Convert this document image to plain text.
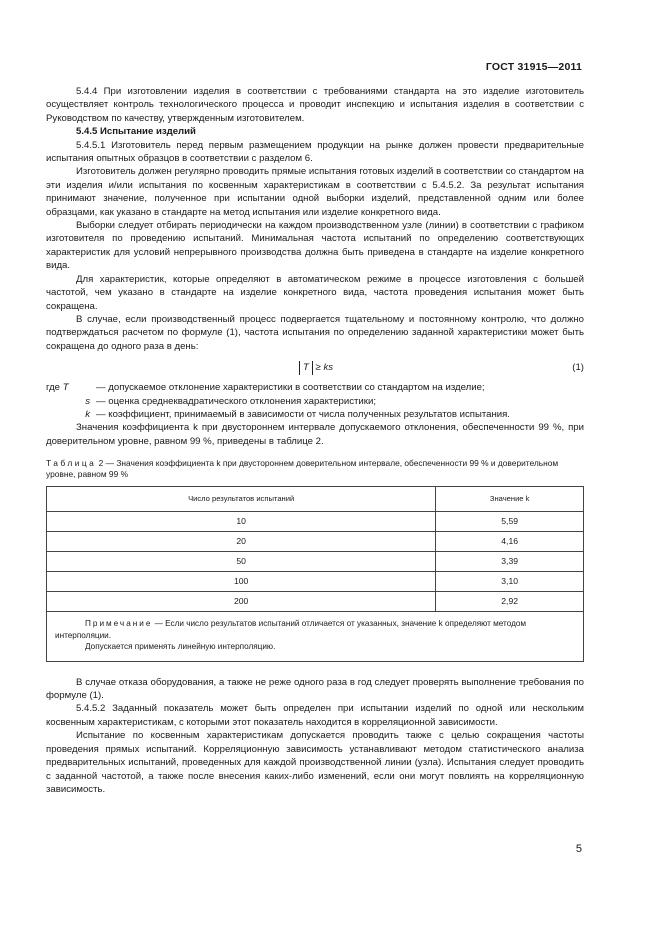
ГОСТ 31915—2011

5.4.4 При изготовлении изделия в соответствии с требованиями стандарта на это изделие изготовитель осуществляет контроль технологического процесса и проводит инспекцию и испытания изделия в соответствии с Руководством по качеству, утвержденным изготовителем.

5.4.5 Испытание изделий

5.4.5.1 Изготовитель перед первым размещением продукции на рынке должен провести предварительные испытания опытных образцов в соответствии с разделом 6.

Изготовитель должен регулярно проводить прямые испытания готовых изделий в соответствии со стандартом на эти изделия и/или испытания по косвенным характеристикам в соответствии с 5.4.5.2. За результат испытания принимают значение, полученное при испытании одной выборки изделий, представленной одним или более образцами, как указано в стандарте на метод испытания или изделие конкретного вида.

Выборки следует отбирать периодически на каждом производственном узле (линии) в соответствии с графиком изготовителя по проведению испытаний. Минимальная частота испытаний по определению соответствующих характеристик для условий непрерывного производства должна быть приведена в стандарте на изделие конкретного вида.

Для характеристик, которые определяют в автоматическом режиме в процессе изготовления с большей частотой, чем указано в стандарте на изделие конкретного вида, частота проведения испытания может быть сокращена.

В случае, если производственный процесс подвергается тщательному и постоянному контролю, что должно подтверждаться расчетом по формуле (1), частота испытания по определению заданной характеристики может быть сокращена до одного раза в день:

T ≥ ks	(1)
где T	— допускаемое отклонение характеристики в соответствии со стандартом на изделие;
s — оценка среднеквадратического отклонения характеристики;
k — коэффициент, принимаемый в зависимости от числа полученных результатов испытания.

Значения коэффициента k при двустороннем интервале допускаемого отклонения, обеспеченности 99 %, при доверительном уровне, равном 99 %, приведены в таблице 2.

Таблица 2 — Значения коэффициента k при двустороннем доверительном интервале, обеспеченности 99 % и доверительном уровне, равном 99 %
Число результатов испытаний	Значение k
10	5,59
20	4,16
50	3,39
100	3,10
200	2,92

Примечание — Если число результатов испытаний отличается от указанных, значение k определяют методом интерполяции.
Допускается применять линейную интерполяцию.	

В случае отказа оборудования, а также не реже одного раза в год следует проверять выполнение требования по формуле (1).

5.4.5.2 Заданный показатель может быть определен при испытании изделий по одной или нескольким косвенным характеристикам, с которыми этот показатель находится в корреляционной зависимости.

Испытание по косвенным характеристикам допускается проводить также с целью сокращения частоты проведения прямых испытаний. Корреляционную зависимость устанавливают методом статистического анализа предварительных испытаний, проведенных для каждой производственной линии (узла). Испытания следует проводить с заданной частотой, а также после внесения каких-либо изменений, если они могут повлиять на корреляционную зависимость.

5
